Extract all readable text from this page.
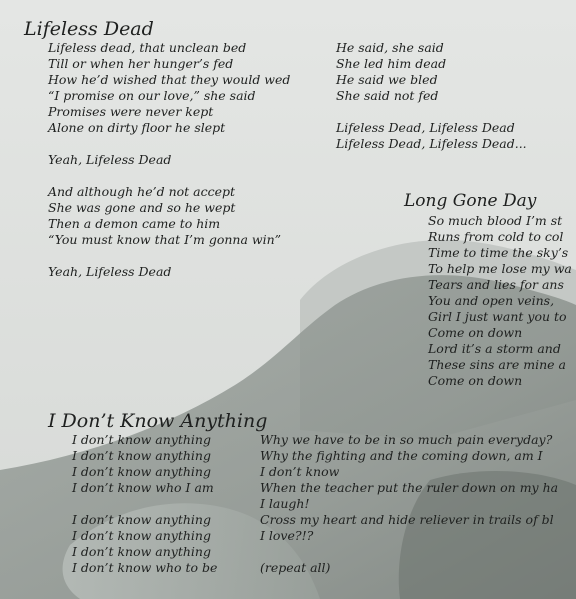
Lifeless Dead
Lifeless dead, that unclean bed
Till or when her hunger’s fed
How he’d wished that they would wed
“I promise on our love,” she said
Promises were never kept
Alone on dirty floor he slept
Yeah, Lifeless Dead
And although he’d not accept
She was gone and so he wept
Then a demon came to him
“You must know that I’m gonna win”
Yeah, Lifeless Dead
He said, she said
She led him dead
He said we bled
She said not fed
Lifeless Dead, Lifeless Dead
Lifeless Dead, Lifeless Dead...
Long Gone Day
So much blood I’m st
Runs from cold to col
Time to time the sky’s
To help me lose my wa
Tears and lies for ans
You and open veins,
Girl I just want you to
Come on down
Lord it’s a storm and
These sins are mine a
Come on down
I Don’t Know Anything
I don’t know anything
I don’t know anything
I don’t know anything
I don’t know who I am
I don’t know anything
I don’t know anything
I don’t know anything
I don’t know who to be
Why we have to be in so much pain everyday?
Why the fighting and the coming down, am I
I don’t know
When the teacher put the ruler down on my ha
I laugh!
Cross my heart and hide reliever in trails of bl
I love?!?
(repeat all)
